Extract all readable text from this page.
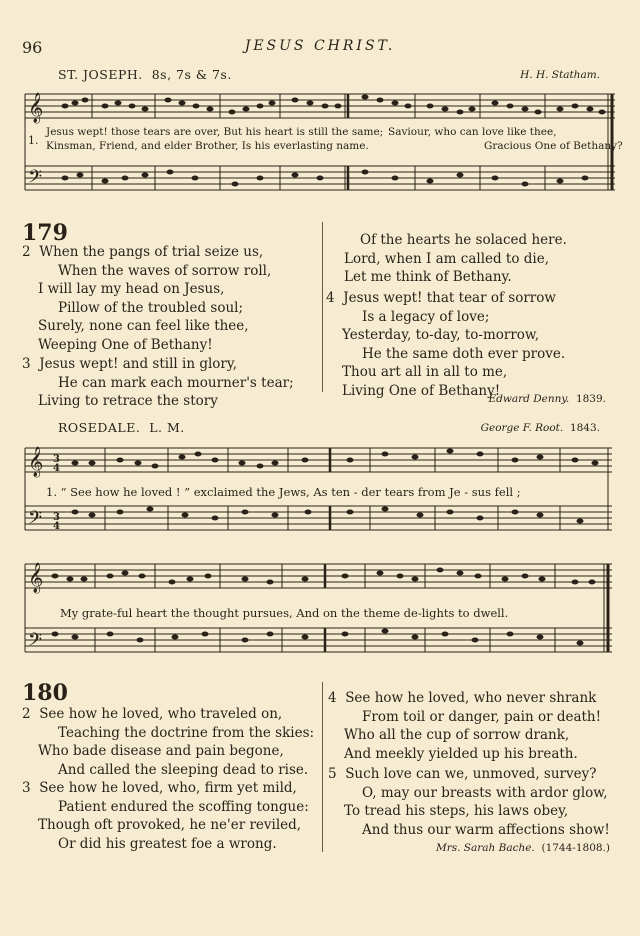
96	JESUS CHRIST.
ST. JOSEPH. 8s, 7s & 7s.	H. H. Statham.
𝄞
𝄢
1.
Jesus wept! those tears are over, But his heart is still the same;
Kinsman, Friend, and elder Brother, Is his everlasting name.
Saviour, who can love like thee,
Gracious One of Bethany?
179
2 When the pangs of trial seize us,
When the waves of sorrow roll,
I will lay my head on Jesus,
Pillow of the troubled soul;
Surely, none can feel like thee,
Weeping One of Bethany!
3 Jesus wept! and still in glory,
He can mark each mourner's tear;
Living to retrace the story
Of the hearts he solaced here.
Lord, when I am called to die,
Let me think of Bethany.
4 Jesus wept! that tear of sorrow
Is a legacy of love;
Yesterday, to-day, to-morrow,
He the same doth ever prove.
Thou art all in all to me,
Living One of Bethany!
Edward Denny. 1839.
ROSEDALE. L. M.	George F. Root. 1843.
𝄞
𝄢
3
4
3
4
1. “ See how he loved ! ” exclaimed the Jews, As ten - der tears from Je - sus fell ;
𝄞
𝄢
My grate-ful heart the thought pursues, And on the theme de-lights to dwell.
180
2 See how he loved, who traveled on,
Teaching the doctrine from the skies:
Who bade disease and pain begone,
And called the sleeping dead to rise.
3 See how he loved, who, firm yet mild,
Patient endured the scoffing tongue:
Though oft provoked, he ne'er reviled,
Or did his greatest foe a wrong.
4 See how he loved, who never shrank
From toil or danger, pain or death!
Who all the cup of sorrow drank,
And meekly yielded up his breath.
5 Such love can we, unmoved, survey?
O, may our breasts with ardor glow,
To tread his steps, his laws obey,
And thus our warm affections show!
Mrs. Sarah Bache. (1744-1808.)
